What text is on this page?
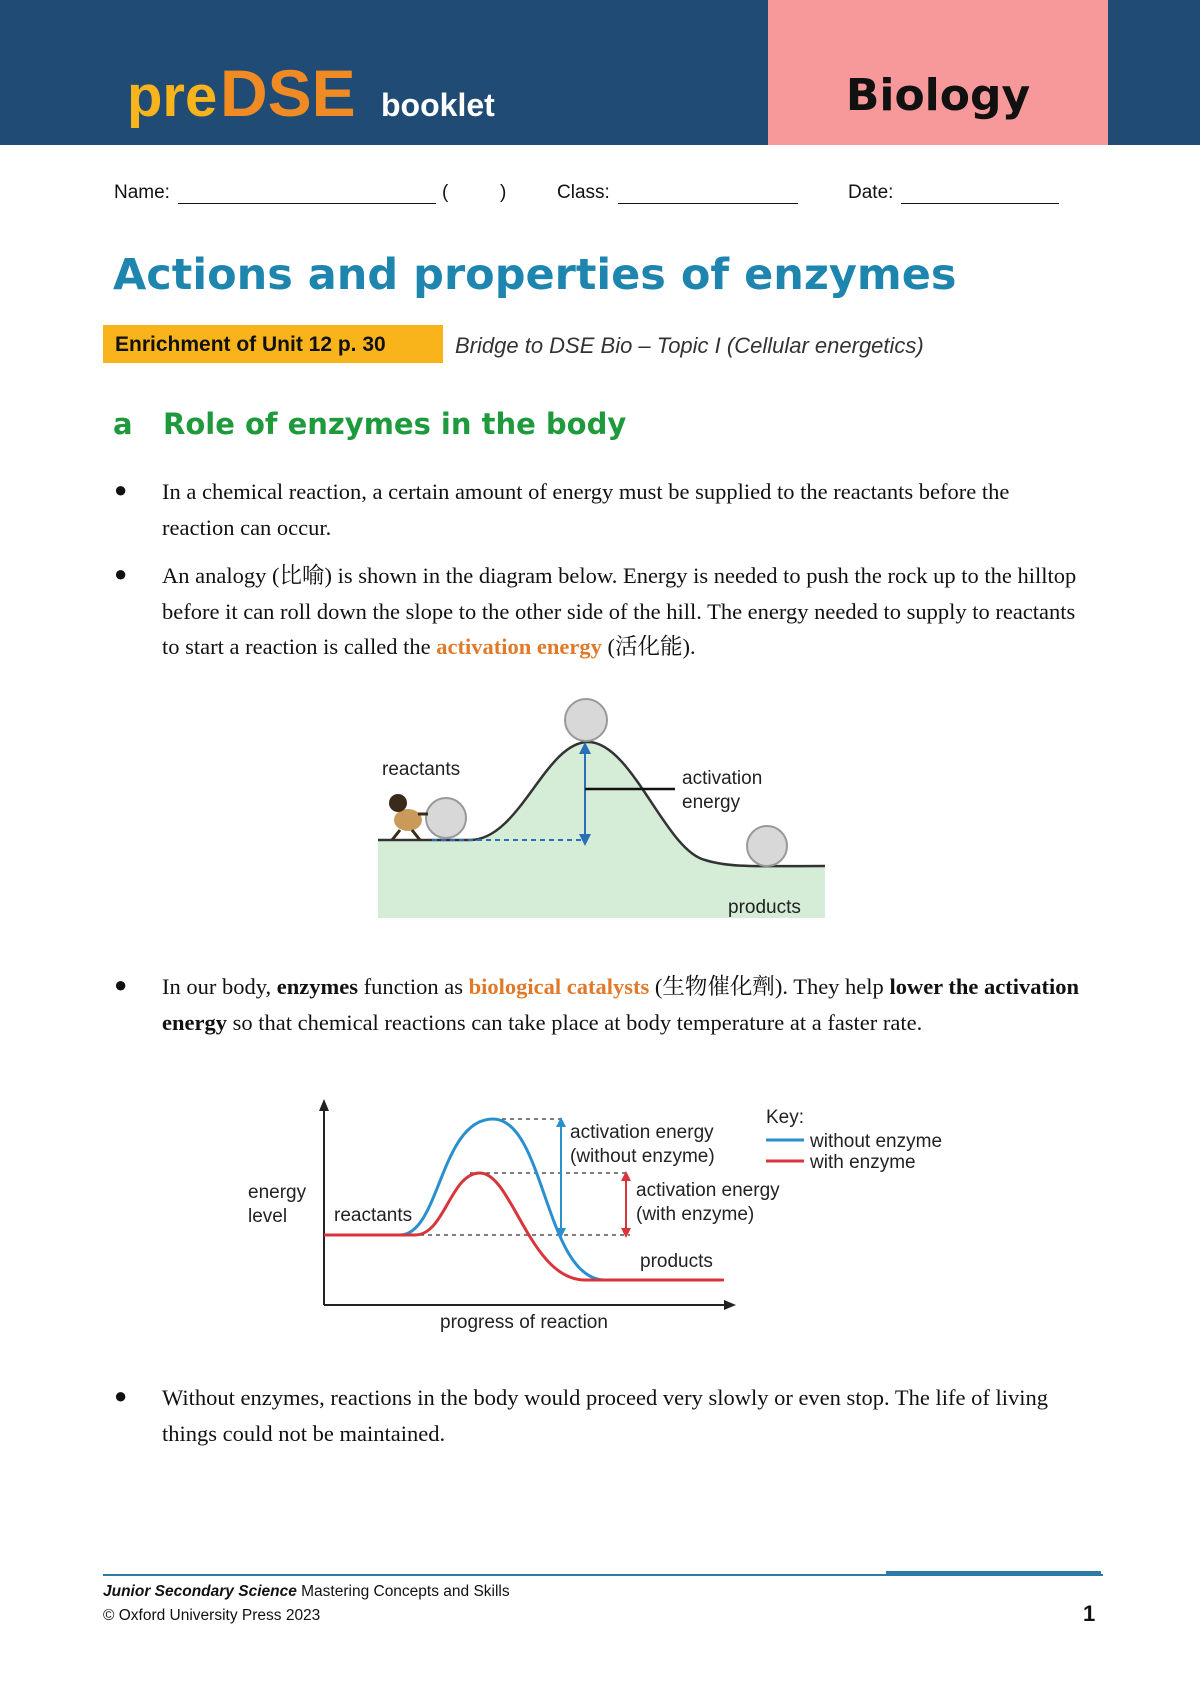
pre DSE booklet	Biology
Name:	(	)	Class:	Date:
Actions and properties of enzymes
Enrichment of Unit 12 p. 30	Bridge to DSE Bio – Topic I (Cellular energetics)
a Role of enzymes in the body
● In a chemical reaction, a certain amount of energy must be supplied to the reactants before the reaction can occur.
● An analogy (比喻) is shown in the diagram below. Energy is needed to push the rock up to the hilltop before it can roll down the slope to the other side of the hill. The energy needed to supply to reactants to start a reaction is called the activation energy (活化能).
reactants	activation
energy
products
● In our body, enzymes function as biological catalysts (生物催化劑). They help lower the activation energy so that chemical reactions can take place at body temperature at a faster rate.
energy
level reactants
products
activation energy
(without enzyme)
activation energy
(with enzyme)
progress of reaction
Key:
without enzyme
with enzyme
● Without enzymes, reactions in the body would proceed very slowly or even stop. The life of living things could not be maintained.
Junior Secondary Science Mastering Concepts and Skills
© Oxford University Press 2023	1
